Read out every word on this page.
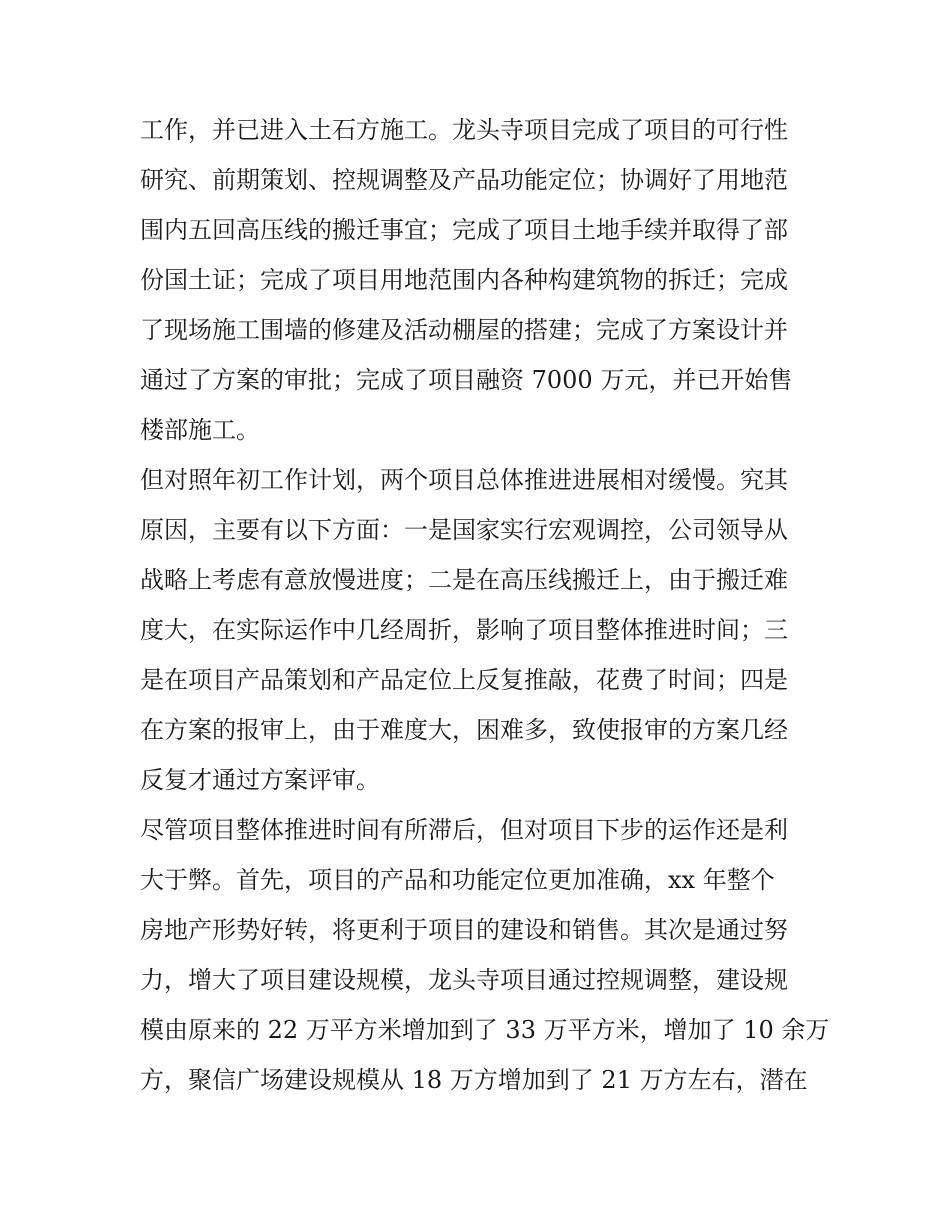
工作，并已进入土石方施工。龙头寺项目完成了项目的可行性
研究、前期策划、控规调整及产品功能定位；协调好了用地范
围内五回高压线的搬迁事宜；完成了项目土地手续并取得了部
份国土证；完成了项目用地范围内各种构建筑物的拆迁；完成
了现场施工围墙的修建及活动棚屋的搭建；完成了方案设计并
通过了方案的审批；完成了项目融资 7000 万元，并已开始售
楼部施工。
但对照年初工作计划，两个项目总体推进进展相对缓慢。究其
原因，主要有以下方面：一是国家实行宏观调控，公司领导从
战略上考虑有意放慢进度；二是在高压线搬迁上，由于搬迁难
度大，在实际运作中几经周折，影响了项目整体推进时间；三
是在项目产品策划和产品定位上反复推敲，花费了时间；四是
在方案的报审上，由于难度大，困难多，致使报审的方案几经
反复才通过方案评审。
尽管项目整体推进时间有所滞后，但对项目下步的运作还是利
大于弊。首先，项目的产品和功能定位更加准确，xx 年整个
房地产形势好转，将更利于项目的建设和销售。其次是通过努
力，增大了项目建设规模，龙头寺项目通过控规调整，建设规
模由原来的 22 万平方米增加到了 33 万平方米，增加了 10 余万
方，聚信广场建设规模从 18 万方增加到了 21 万方左右，潜在
